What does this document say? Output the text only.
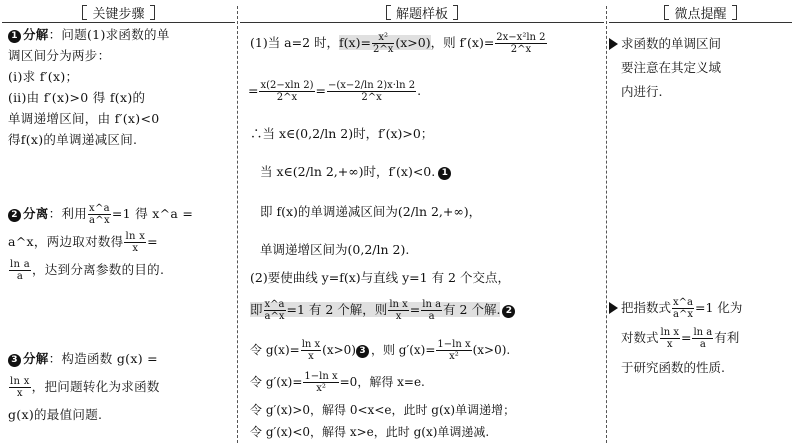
关键步骤
1 分解：问题(1)求函数的单
调区间分为两步：
(ⅰ)求 f′(x)；
(ⅱ)由 f′(x)>0 得 f(x)的
单调递增区间，由 f′(x)<0
得f(x)的单调递减区间.
2 分离：利用 $\frac{x\^{}a}{a\^{}x} =1$ 得 x^a =
a^x，两边取对数得 $\frac{\text{ln x}}{x}$ =
$\frac{\text{ln a}}{a}$ ，达到分离参数的目的.
3 分解：构造函数 g(x) =
$\frac{\text{ln x}}{x}$ ，把问题转化为求函数
g(x)的最值问题.
解题样板
(1)当 a=2 时，$f(x)= \frac{\text{x²}}{2\^{}x} (x>0)$，则 $f'(x)= \frac{\text{2x−x²ln 2}}{2\^{}x}$
= $\frac{x(2-xln 2)}{2\^{}x} = \frac{-(x-2/\ln 2)x\cdot\ln 2}{2\^{}x}$ .
∴当 x∈(0,2/ln 2)时，f′(x)>0；
当 x∈(2/ln 2,+∞)时，f′(x)<0. 1
即 f(x)的单调递减区间为(2/ln 2,+∞)，
单调递增区间为(0,2/ln 2).
(2)要使曲线 y=f(x)与直线 y=1 有 2 个交点，
即 $\frac{x\^{}a}{a\^{}x} =1$ 有 2 个解，则 $\frac{\text{ln x}}{x} = \frac{\text{ln a}}{a}$ 有 2 个解. 2
令 $g(x)= \frac{\text{ln x}}{x} (x>0)$ 3 ，则 $g'(x)= \frac{\text{1−ln x}}{\text{x²}} (x>0)$.
令 $g'(x)= \frac{\text{1−ln x}}{\text{x²}} =0$，解得 x=e.
令 g′(x)>0，解得 0<x<e，此时 g(x)单调递增；
令 g′(x)<0，解得 x>e，此时 g(x)单调递减.
微点提醒
求函数的单调区间
要注意在其定义域
内进行.
把指数式 $\frac{x\^{}a}{a\^{}x} =1$ 化为
对数式 $\frac{\text{ln x}}{x} = \frac{\text{ln a}}{a}$ 有利
于研究函数的性质.
